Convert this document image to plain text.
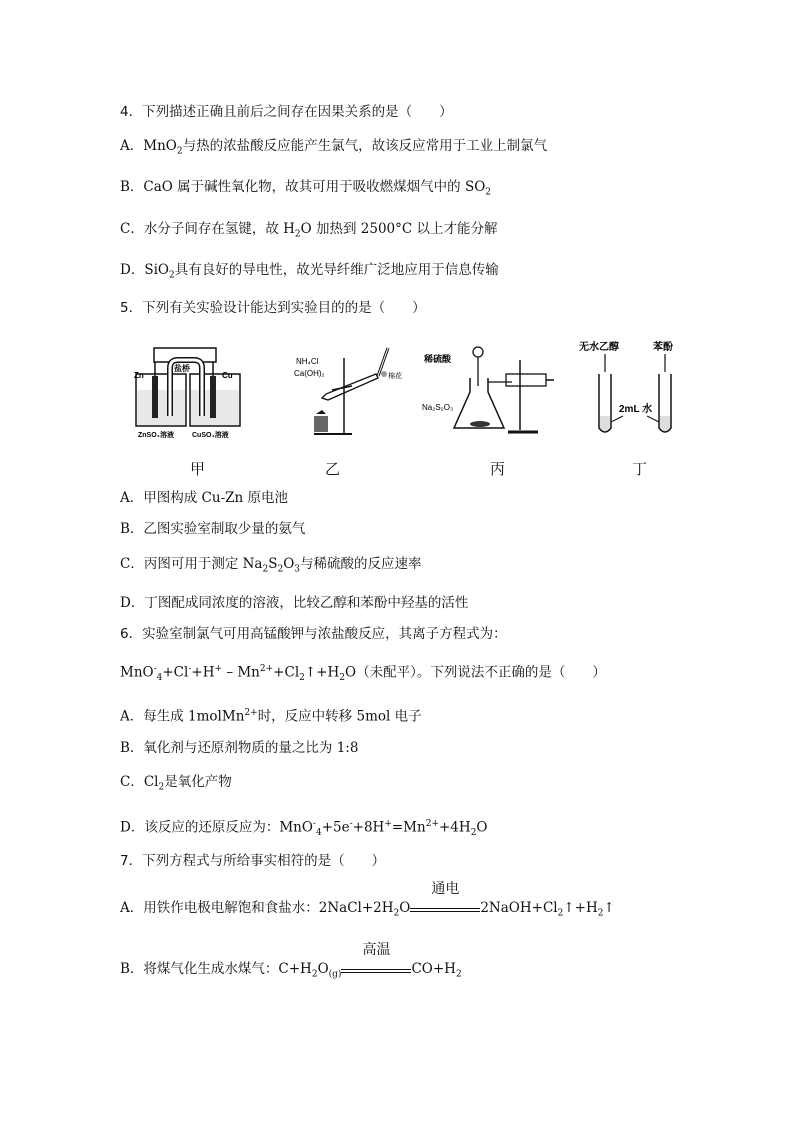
4．下列描述正确且前后之间存在因果关系的是（　　）
A．MnO$_2$与热的浓盐酸反应能产生氯气，故该反应常用于工业上制氯气
B．CaO 属于碱性氧化物，故其可用于吸收燃煤烟气中的 $SO_2$
C．水分子间存在氢键，故 $H_2O$ 加热到 2500°C 以上才能分解
D．SiO$_2$具有良好的导电性，故光导纤维广泛地应用于信息传输
5．下列有关实验设计能达到实验目的的是（　　）
盐桥
Zn	Cu
ZnSO₄溶液	CuSO₄溶液
甲
NH₄Cl
Ca(OH)₂	棉花
乙
稀硫酸
Na₂S₂O₃
丙
无水乙醇	苯酚
2mL 水
丁
A．甲图构成 Cu-Zn 原电池
B．乙图实验室制取少量的氨气
C．丙图可用于测定 $Na_2S_2O_3$与稀硫酸的反应速率
D．丁图配成同浓度的溶液，比较乙醇和苯酚中羟基的活性
6．实验室制氯气可用高锰酸钾与浓盐酸反应，其离子方程式为：
$MnO^-_4+Cl^-+H^+ - Mn^{2+}+Cl_2↑+H_2O$（未配平）。下列说法不正确的是（　　）
A．每生成 1molMn$^{2+}$时，反应中转移 5mol 电子
B．氧化剂与还原剂物质的量之比为 1:8
C．$Cl_2$是氧化产物
D．该反应的还原反应为：$MnO^-_4+5e^-+8H^+=Mn^{2+}+4H_2O$
7．下列方程式与所给事实相符的是（　　）
A．用铁作电极电解饱和食盐水：$2NaCl+2H_2O$
通电
$2NaOH+Cl_2↑+H_2↑$
B．将煤气化生成水煤气：$C+H_2O_{(g)}$
高温
$CO+H_2$
